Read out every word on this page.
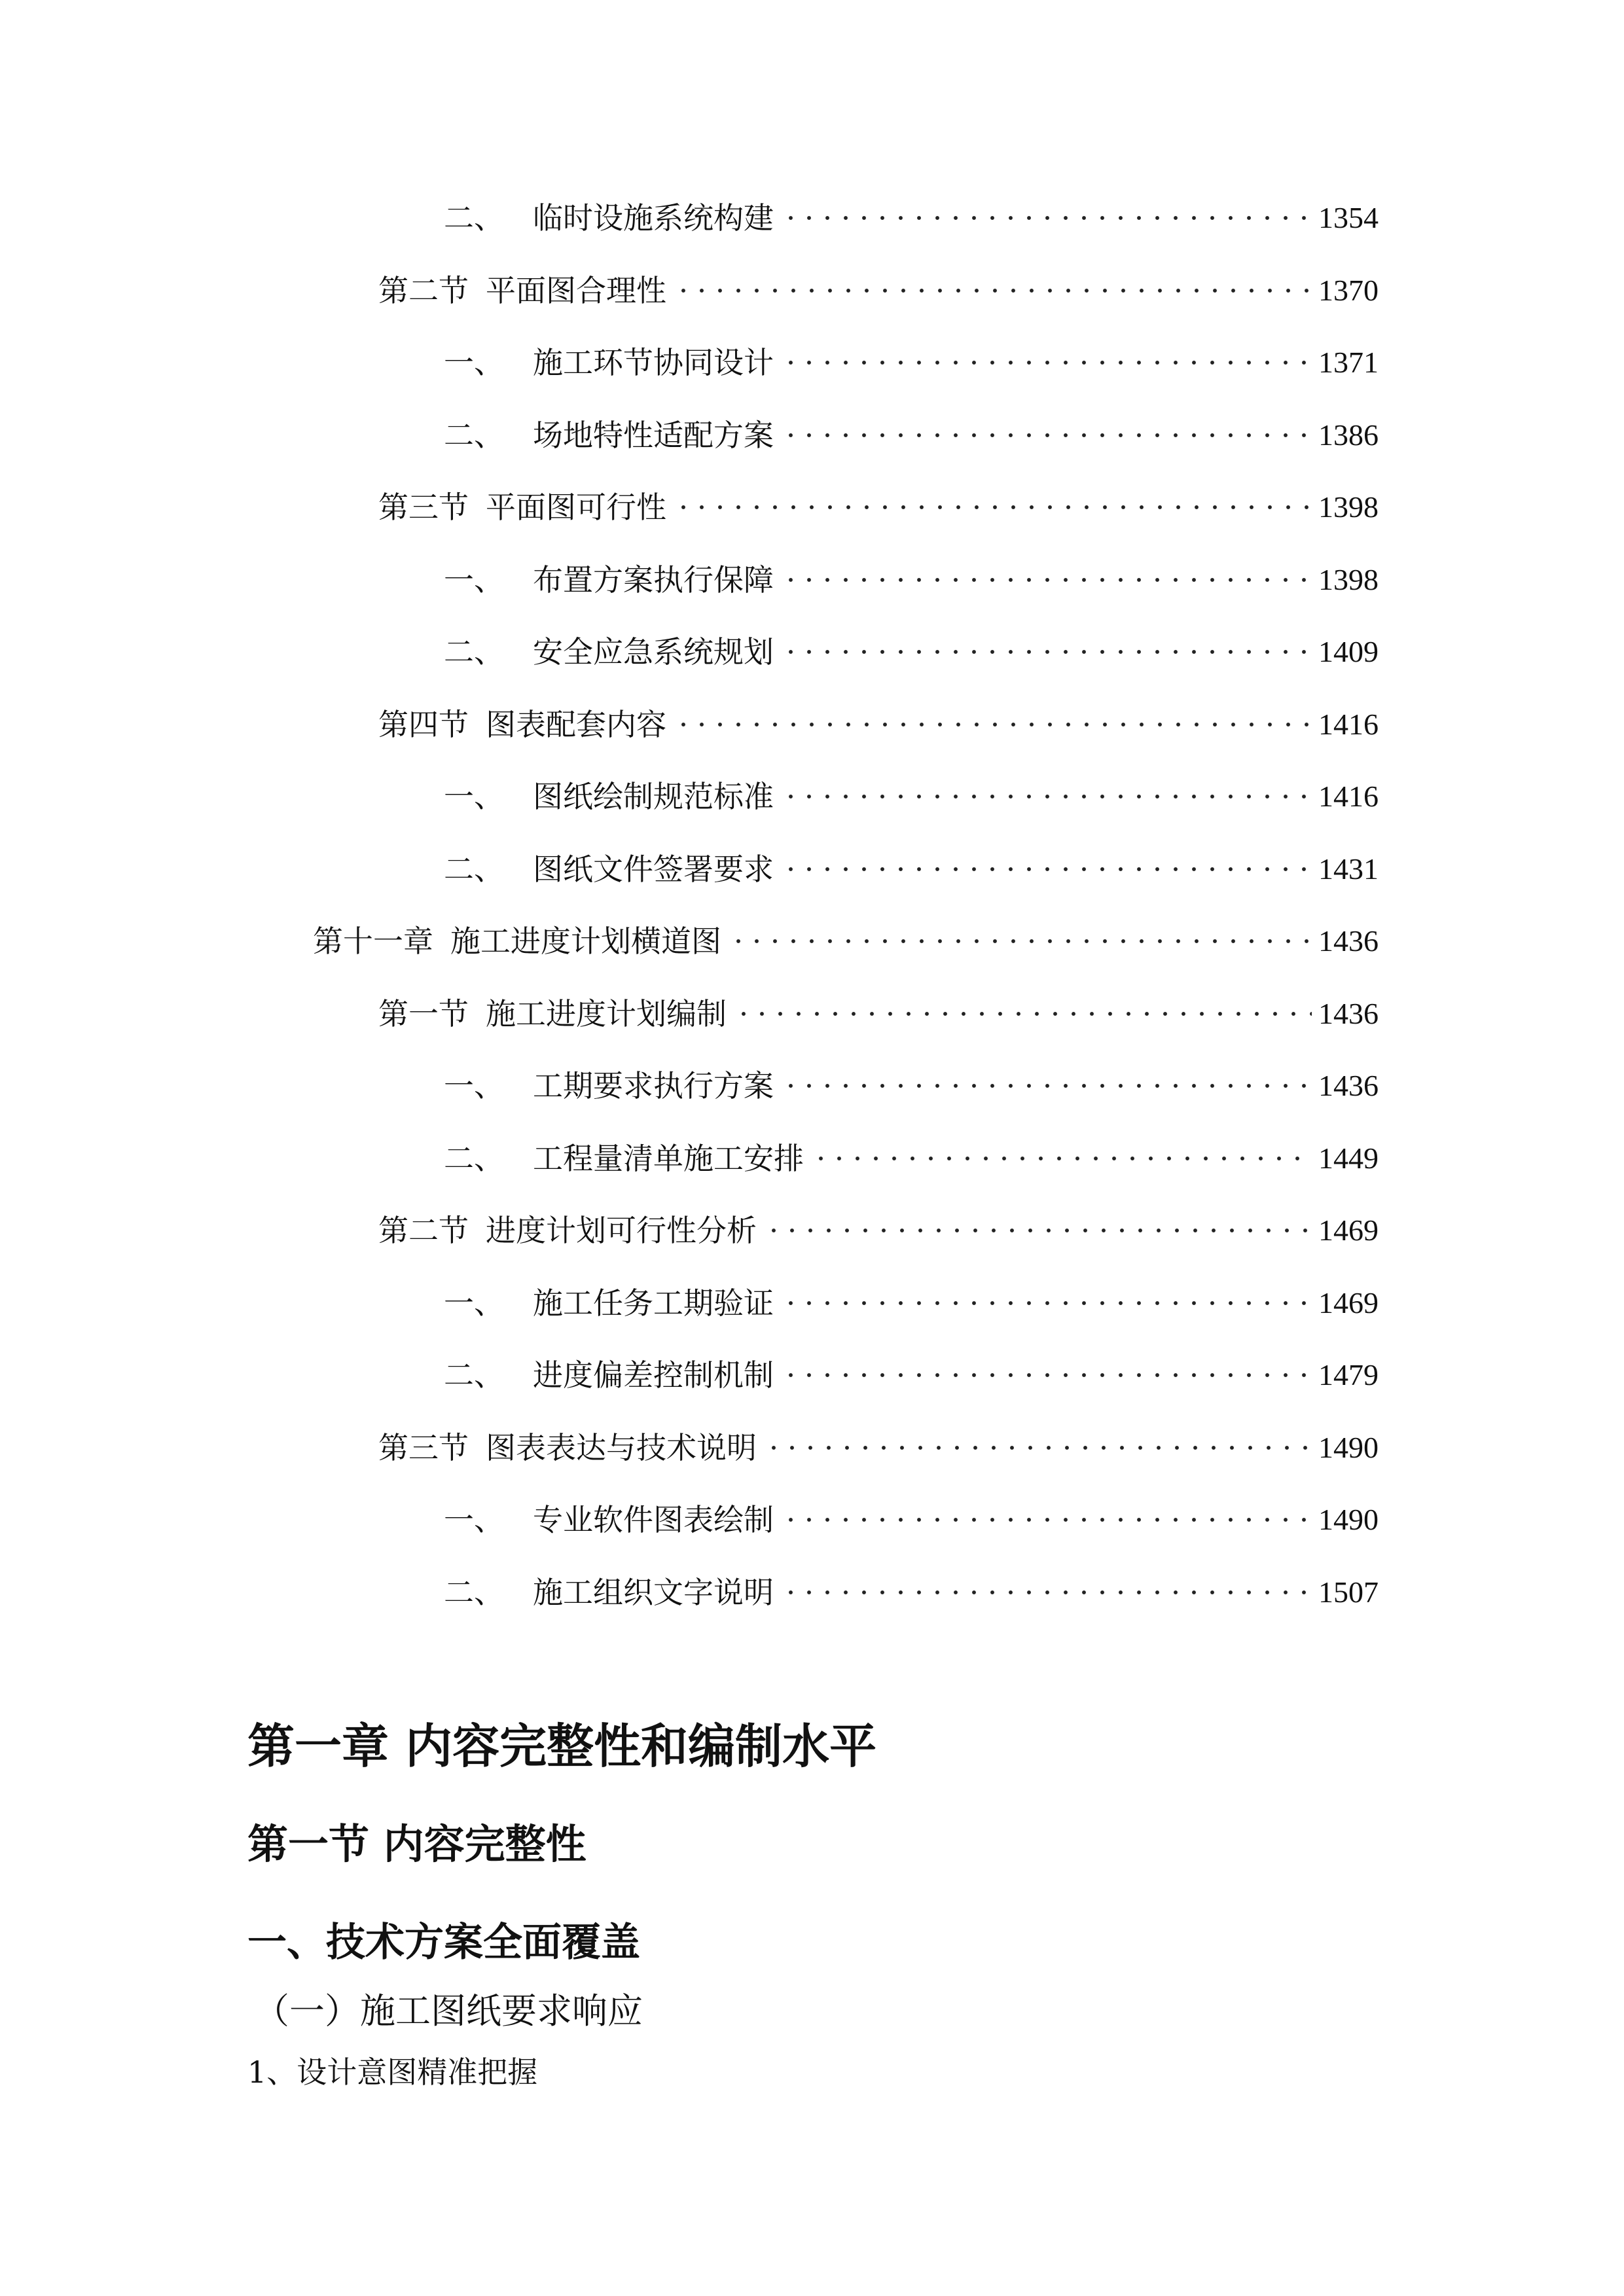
二、 临时设施系统构建	1354
第二节 平面图合理性	1370
一、 施工环节协同设计	1371
二、 场地特性适配方案	1386
第三节 平面图可行性	1398
一、 布置方案执行保障	1398
二、 安全应急系统规划	1409
第四节 图表配套内容	1416
一、 图纸绘制规范标准	1416
二、 图纸文件签署要求	1431
第十一章 施工进度计划横道图	1436
第一节 施工进度计划编制	1436
一、 工期要求执行方案	1436
二、 工程量清单施工安排	1449
第二节 进度计划可行性分析	1469
一、 施工任务工期验证	1469
二、 进度偏差控制机制	1479
第三节 图表表达与技术说明	1490
一、 专业软件图表绘制	1490
二、 施工组织文字说明	1507
第一章 内容完整性和编制水平
第一节 内容完整性
一、技术方案全面覆盖
（一）施工图纸要求响应
1、设计意图精准把握
